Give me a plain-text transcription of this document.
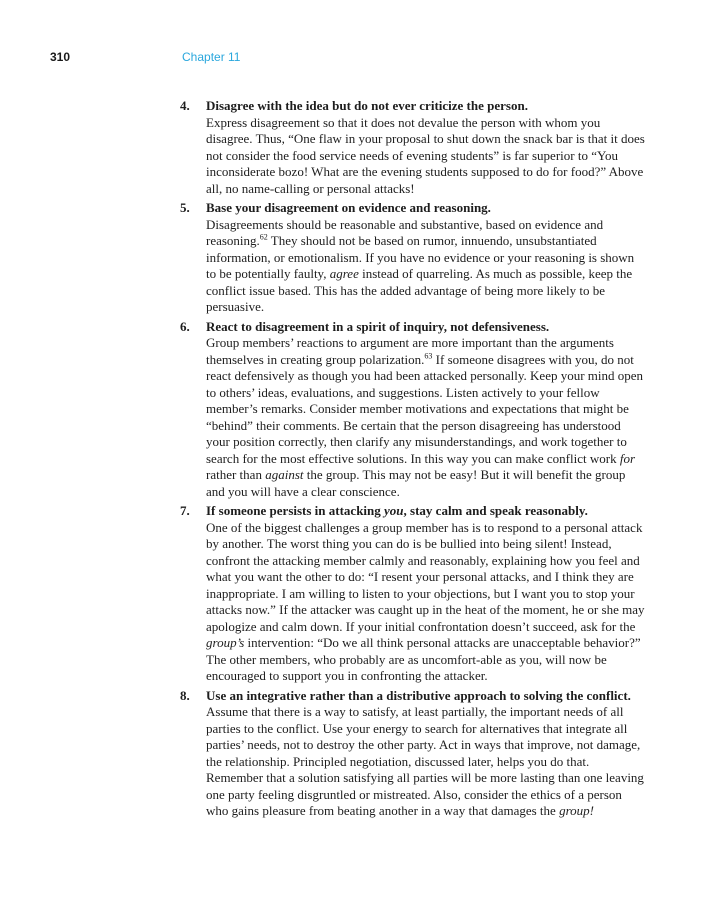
310	Chapter 11
4. Disagree with the idea but do not ever criticize the person.
Express disagreement so that it does not devalue the person with whom you disagree. Thus, “One flaw in your proposal to shut down the snack bar is that it does not consider the food service needs of evening students” is far superior to “You inconsiderate bozo! What are the evening students supposed to do for food?” Above all, no name-calling or personal attacks!
5. Base your disagreement on evidence and reasoning.
Disagreements should be reasonable and substantive, based on evidence and reasoning.$^{62}$ They should not be based on rumor, innuendo, unsubstantiated information, or emotionalism. If you have no evidence or your reasoning is shown to be potentially faulty, agree instead of quarreling. As much as possible, keep the conflict issue based. This has the added advantage of being more likely to be persuasive.
6. React to disagreement in a spirit of inquiry, not defensiveness.
Group members’ reactions to argument are more important than the arguments themselves in creating group polarization.$^{63}$ If someone disagrees with you, do not react defensively as though you had been attacked personally. Keep your mind open to others’ ideas, evaluations, and suggestions. Listen actively to your fellow member’s remarks. Consider member motivations and expectations that might be “behind” their comments. Be certain that the person disagreeing has understood your position correctly, then clarify any misunderstandings, and work together to search for the most effective solutions. In this way you can make conflict work for rather than against the group. This may not be easy! But it will benefit the group and you will have a clear conscience.
7. If someone persists in attacking you, stay calm and speak reasonably.
One of the biggest challenges a group member has is to respond to a personal attack by another. The worst thing you can do is be bullied into being silent! Instead, confront the attacking member calmly and reasonably, explaining how you feel and what you want the other to do: “I resent your personal attacks, and I think they are inappropriate. I am willing to listen to your objections, but I want you to stop your attacks now.” If the attacker was caught up in the heat of the moment, he or she may apologize and calm down. If your initial confrontation doesn’t succeed, ask for the group’s intervention: “Do we all think personal attacks are unacceptable behavior?” The other members, who probably are as uncomfort-able as you, will now be encouraged to support you in confronting the attacker.
8. Use an integrative rather than a distributive approach to solving the conflict.
Assume that there is a way to satisfy, at least partially, the important needs of all parties to the conflict. Use your energy to search for alternatives that integrate all parties’ needs, not to destroy the other party. Act in ways that improve, not damage, the relationship. Principled negotiation, discussed later, helps you do that. Remember that a solution satisfying all parties will be more lasting than one leaving one party feeling disgruntled or mistreated. Also, consider the ethics of a person who gains pleasure from beating another in a way that damages the group!
